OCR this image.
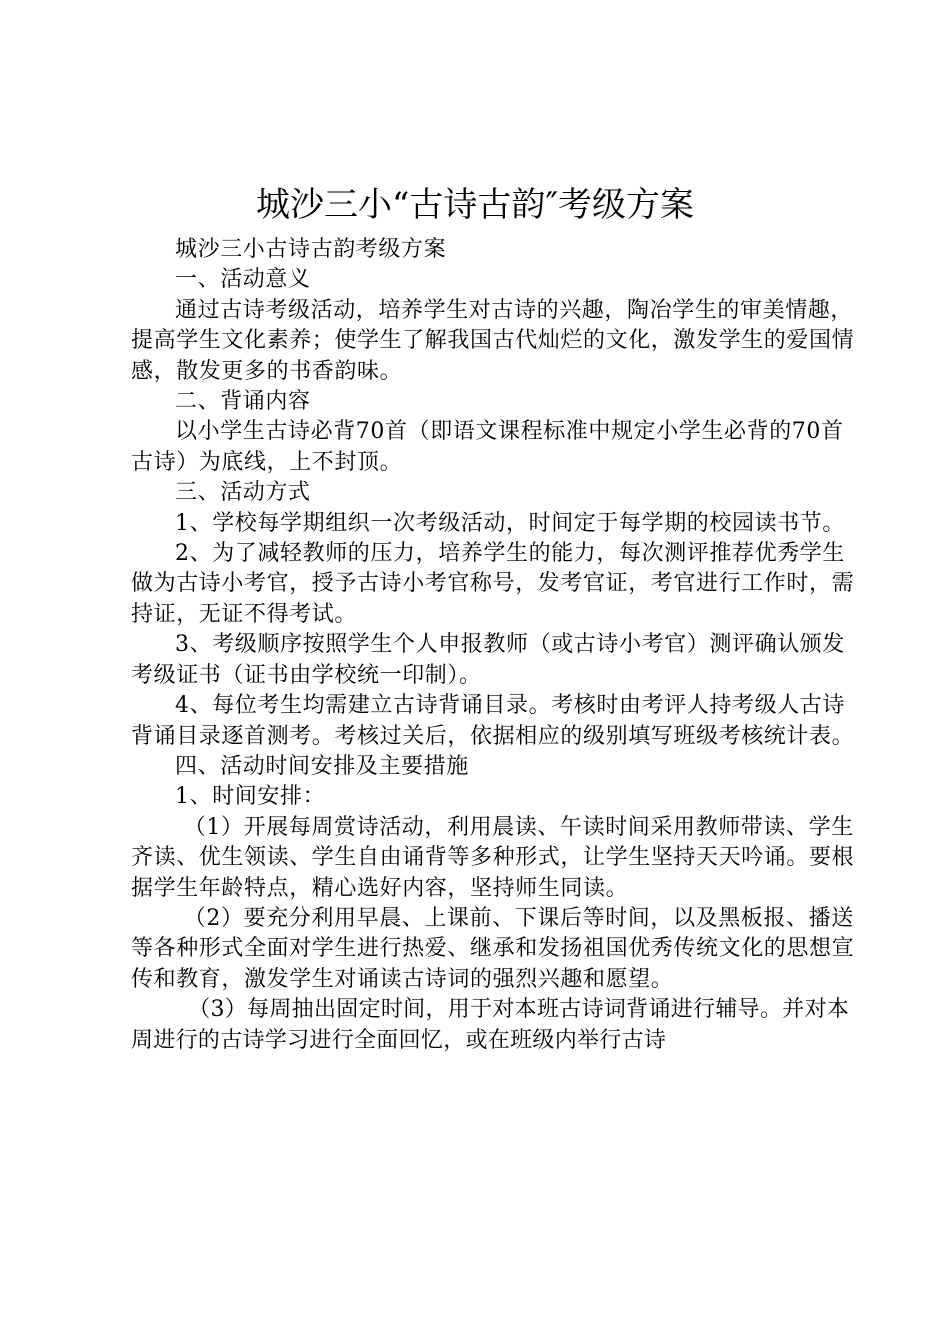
城沙三小“古诗古韵″考级方案

城沙三小古诗古韵考级方案

一、活动意义

通过古诗考级活动，培养学生对古诗的兴趣，陶冶学生的审美情趣，提高学生文化素养；使学生了解我国古代灿烂的文化，激发学生的爱国情感，散发更多的书香韵味。

二、背诵内容

以小学生古诗必背70首（即语文课程标准中规定小学生必背的70首古诗）为底线，上不封顶。

三、活动方式

1、学校每学期组织一次考级活动，时间定于每学期的校园读书节。

2、为了减轻教师的压力，培养学生的能力，每次测评推荐优秀学生做为古诗小考官，授予古诗小考官称号，发考官证，考官进行工作时，需持证，无证不得考试。

3、考级顺序按照学生个人申报教师（或古诗小考官）测评确认颁发考级证书（证书由学校统一印制）。

4、每位考生均需建立古诗背诵目录。考核时由考评人持考级人古诗背诵目录逐首测考。考核过关后，依据相应的级别填写班级考核统计表。

四、活动时间安排及主要措施

1、时间安排：

（1）开展每周赏诗活动，利用晨读、午读时间采用教师带读、学生齐读、优生领读、学生自由诵背等多种形式，让学生坚持天天吟诵。要根据学生年龄特点，精心选好内容，坚持师生同读。

（2）要充分利用早晨、上课前、下课后等时间，以及黑板报、播送等各种形式全面对学生进行热爱、继承和发扬祖国优秀传统文化的思想宣传和教育，激发学生对诵读古诗词的强烈兴趣和愿望。

（3）每周抽出固定时间，用于对本班古诗词背诵进行辅导。并对本周进行的古诗学习进行全面回忆，或在班级内举行古诗
